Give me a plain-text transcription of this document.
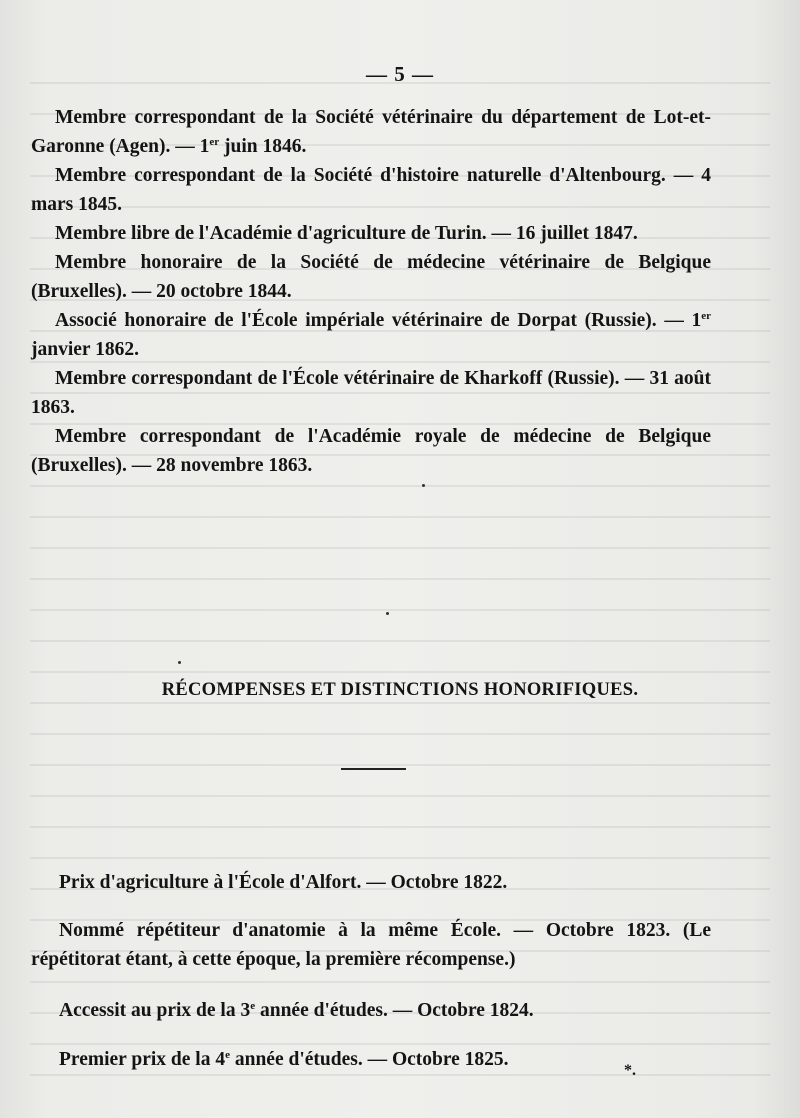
— 5 —

Membre correspondant de la Société vétérinaire du département de Lot-et-Garonne (Agen). — 1er juin 1846.

Membre correspondant de la Société d'histoire naturelle d'Altenbourg. — 4 mars 1845.

Membre libre de l'Académie d'agriculture de Turin. — 16 juillet 1847.

Membre honoraire de la Société de médecine vétérinaire de Belgique (Bruxelles). — 20 octobre 1844.

Associé honoraire de l'École impériale vétérinaire de Dorpat (Russie). — 1er janvier 1862.

Membre correspondant de l'École vétérinaire de Kharkoff (Russie). — 31 août 1863.

Membre correspondant de l'Académie royale de médecine de Belgique (Bruxelles). — 28 novembre 1863.

RÉCOMPENSES ET DISTINCTIONS HONORIFIQUES.

Prix d'agriculture à l'École d'Alfort. — Octobre 1822.

Nommé répétiteur d'anatomie à la même École. — Octobre 1823. (Le répétitorat étant, à cette époque, la première récompense.)

Accessit au prix de la 3e année d'études. — Octobre 1824.

Premier prix de la 4e année d'études. — Octobre 1825.

*.
